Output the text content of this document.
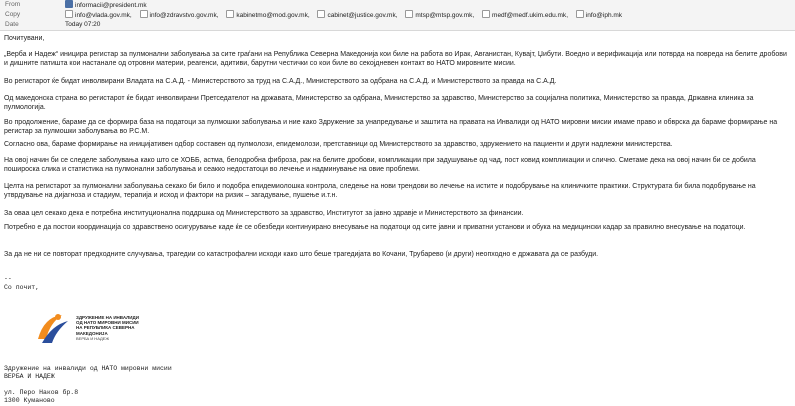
From	informacii@president.mk
Copy	info@vlada.gov.mk, info@zdravstvo.gov.mk, kabinetmo@mod.gov.mk, cabinet@justice.gov.mk, mtsp@mtsp.gov.mk, medf@medf.ukim.edu.mk, info@iph.mk
Date	Today 07:20

Почитувани,

„Верба и Надеж“ иницира регистар за пулмонални заболувања за сите граѓани на Република Северна Македонија кои биле на работа во Ирак, Авганистан, Кувајт, Џибути. Воедно и верификација или потврда на повреда на белите дробови и дишните патишта кои настанале од отровни материи, реагенси, адитиви, барутни честички со кои биле во секојдневен контакт во НАТО мировните мисии.

Во регистарот ќе бидат инволвирани Владата на С.А.Д. - Министерството за труд на С.А.Д., Министерството за одбрана на С.А.Д. и Министерството за правда на С.А.Д.

Од македонска страна во регистарот ќе бидат инволвирани Претседателот на државата, Министерство за одбрана, Министерство за здравство, Министерство за социјална политика, Министерство за правда, Државна клиника за пулмологија.

Во продолжение, бараме да се формира база на податоци за пулмошки заболувања и ние како Здружение за унапредување и заштита на правата на Инвалиди од НАТО мировни мисии имаме право и обврска да бараме формирање на регистар за пулмошки заболувања во Р.С.М.

Согласно ова, бараме формирање на иницијативен одбор составен од пулмолози, епидемолози, претставници од Министерството за здравство, здружението на пациенти и други надлежни министерства.

На овој начин би се следеле заболувања како што се ХОББ, астма, белодробна фиброза, рак на белите дробови, компликации при задушување од чад, пост ковид компликации и слично. Сметаме дека на овој начин би се добила пошироска слика и статистика на пулмонални заболувања и сеакко недостатоци во лечење и надминување на овие проблеми.

Целта на регистарот за пулмонални заболувања секако би било и подобра епидемиолошка контрола, следење на нови трендови во лечење на истите и подобрување на клиничките практики. Структурата би била подобрување на утврдување на дијагноза и стадиум, терапија и исход и фактори на ризик – загадување, пушење и.т.н.

За оваа цел секако дека е потребна институционална поддршка од Министерството за здравство, Институтот за јавно здравје и Министерството за финансии.

Потребно е да постои координација со здравствено осигурување каде ќе се обезбеди континуирано внесување на податоци од сите јавни и приватни установи и обука на медицински кадар за правилно внесување на податоци.

За да не ни се повторат предходните случувања, трагедии со катастрофални исходи како што беше трагедијата во Кочани, Трубарево (и други) неопходно е државата да се разбуди.

--
Со почит,
ЗДРУЖЕНИЕ НА ИНВАЛИДИ
ОД НАТО МИРОВНИ МИСИИ
НА РЕПУБЛИКА СЕВЕРНА МАКЕДОНИЈА
ВЕРБА И НАДЕЖ
Здружение на инвалиди од НАТО мировни мисии
ВЕРБА И НАДЕЖ
ул. Перо Наков бр.8
1300 Куманово
